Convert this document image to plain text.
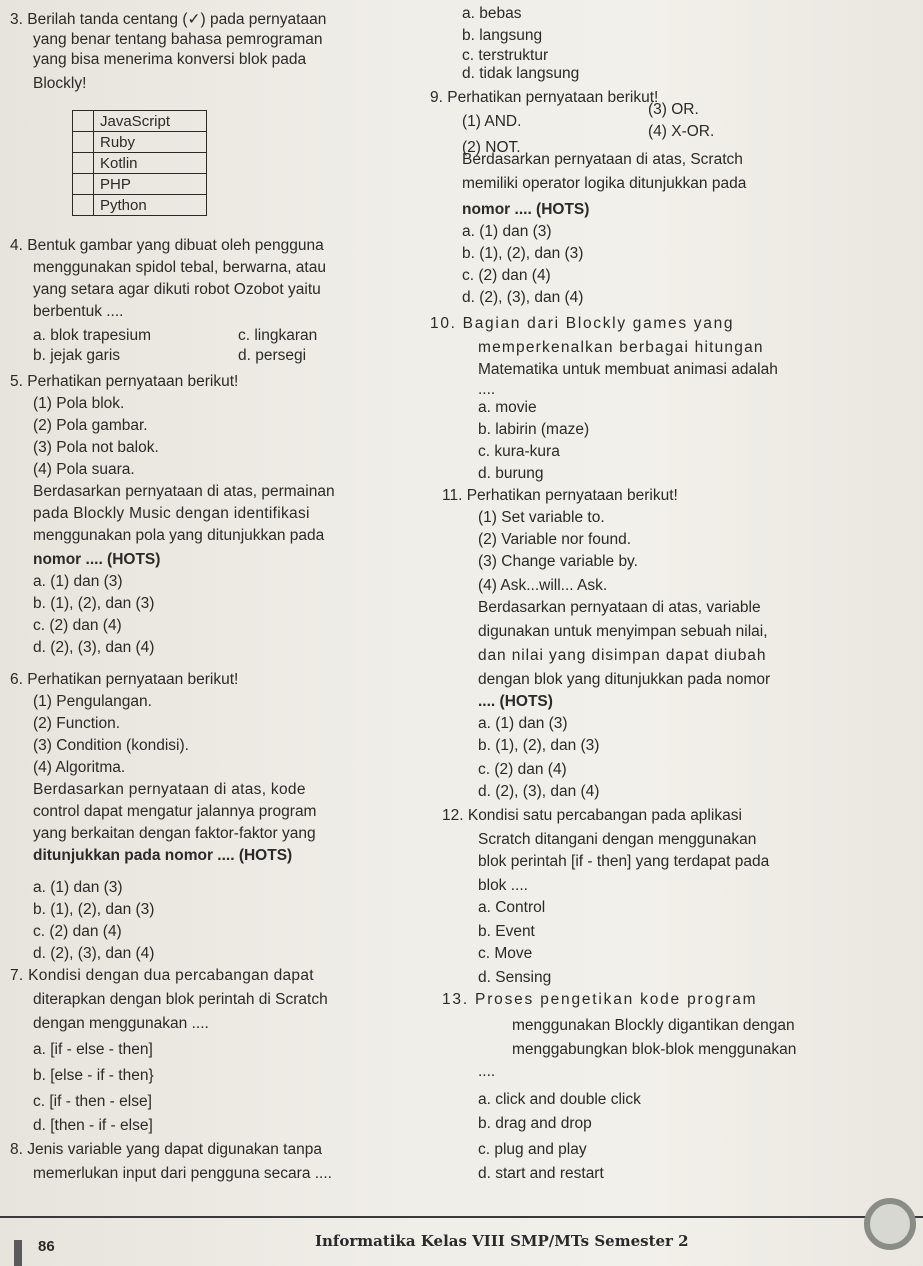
3. Berilah tanda centang (✓) pada pernyataan
yang benar tentang bahasa pemrograman
yang bisa menerima konversi blok pada
Blockly!
	JavaScript
	Ruby
	Kotlin
	PHP
	Python
4. Bentuk gambar yang dibuat oleh pengguna
menggunakan spidol tebal, berwarna, atau
yang setara agar dikuti robot Ozobot yaitu
berbentuk ....
a. blok trapesium	c. lingkaran
b. jejak garis	d. persegi
5. Perhatikan pernyataan berikut!
(1) Pola blok.
(2) Pola gambar.
(3) Pola not balok.
(4) Pola suara.
Berdasarkan pernyataan di atas, permainan
pada Blockly Music dengan identifikasi
menggunakan pola yang ditunjukkan pada
nomor .... (HOTS)
a. (1) dan (3)
b. (1), (2), dan (3)
c. (2) dan (4)
d. (2), (3), dan (4)
6. Perhatikan pernyataan berikut!
(1) Pengulangan.
(2) Function.
(3) Condition (kondisi).
(4) Algoritma.
Berdasarkan pernyataan di atas, kode
control dapat mengatur jalannya program
yang berkaitan dengan faktor-faktor yang
ditunjukkan pada nomor .... (HOTS)
a. (1) dan (3)
b. (1), (2), dan (3)
c. (2) dan (4)
d. (2), (3), dan (4)
7. Kondisi dengan dua percabangan dapat
diterapkan dengan blok perintah di Scratch
dengan menggunakan ....
a. [if - else - then]
b. [else - if - then}
c. [if - then - else]
d. [then - if - else]
8. Jenis variable yang dapat digunakan tanpa
memerlukan input dari pengguna secara ....
a. bebas
b. langsung
c. terstruktur
d. tidak langsung
9. Perhatikan pernyataan berikut!
(1) AND.
(3) OR.
(2) NOT.
(4) X-OR.
Berdasarkan pernyataan di atas, Scratch
memiliki operator logika ditunjukkan pada
nomor .... (HOTS)
a. (1) dan (3)
b. (1), (2), dan (3)
c. (2) dan (4)
d. (2), (3), dan (4)
10. Bagian dari Blockly games yang
memperkenalkan berbagai hitungan
Matematika untuk membuat animasi adalah
....
a. movie
b. labirin (maze)
c. kura-kura
d. burung
11. Perhatikan pernyataan berikut!
(1) Set variable to.
(2) Variable nor found.
(3) Change variable by.
(4) Ask...will... Ask.
Berdasarkan pernyataan di atas, variable
digunakan untuk menyimpan sebuah nilai,
dan nilai yang disimpan dapat diubah
dengan blok yang ditunjukkan pada nomor
.... (HOTS)
a. (1) dan (3)
b. (1), (2), dan (3)
c. (2) dan (4)
d. (2), (3), dan (4)
12. Kondisi satu percabangan pada aplikasi
Scratch ditangani dengan menggunakan
blok perintah [if - then] yang terdapat pada
blok ....
a. Control
b. Event
c. Move
d. Sensing
13. Proses pengetikan kode program
menggunakan Blockly digantikan dengan
menggabungkan blok-blok menggunakan
....
a. click and double click
b. drag and drop
c. plug and play
d. start and restart
86	Informatika Kelas VIII SMP/MTs Semester 2
